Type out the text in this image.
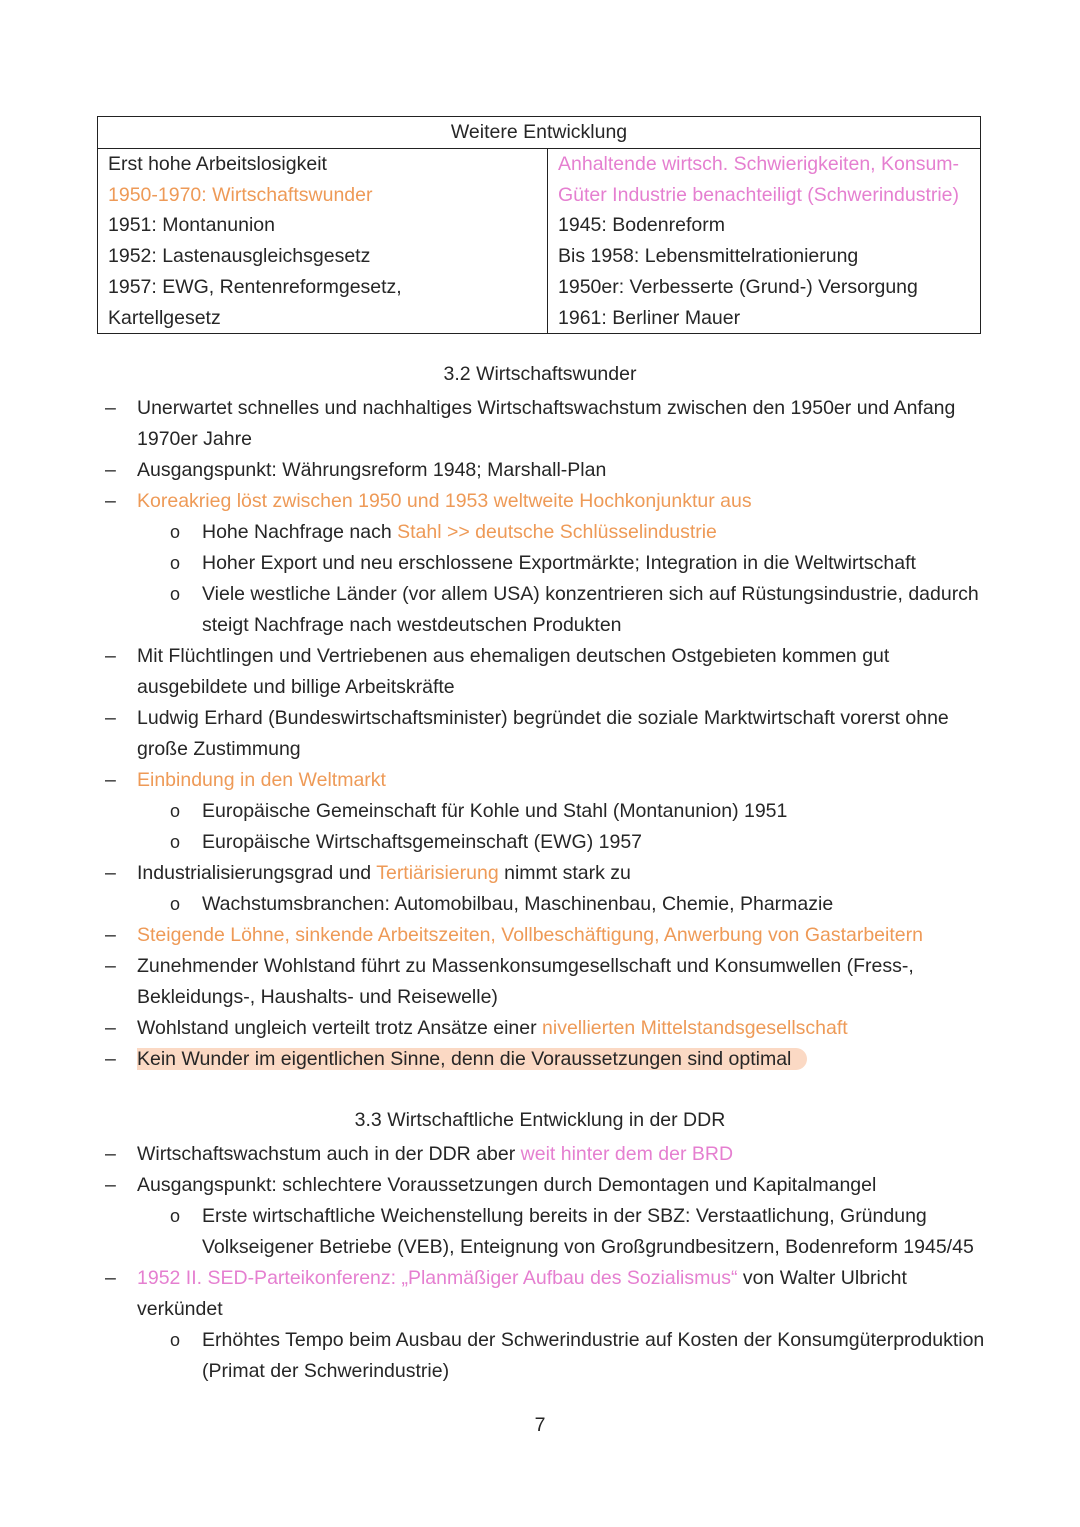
Weitere Entwicklung
Erst hohe Arbeitslosigkeit
1950-1970: Wirtschaftswunder
1951: Montanunion
1952: Lastenausgleichsgesetz
1957: EWG, Rentenreformgesetz,
Kartellgesetz
Anhaltende wirtsch. Schwierigkeiten, Konsum-
Güter Industrie benachteiligt (Schwerindustrie)
1945: Bodenreform
Bis 1958: Lebensmittelrationierung
1950er: Verbesserte (Grund-) Versorgung
1961: Berliner Mauer
3.2 Wirtschaftswunder
– Unerwartet schnelles und nachhaltiges Wirtschaftswachstum zwischen den 1950er und Anfang 1970er Jahre
– Ausgangspunkt: Währungsreform 1948; Marshall-Plan
– Koreakrieg löst zwischen 1950 und 1953 weltweite Hochkonjunktur aus
o Hohe Nachfrage nach Stahl >> deutsche Schlüsselindustrie
o Hoher Export und neu erschlossene Exportmärkte; Integration in die Weltwirtschaft
o Viele westliche Länder (vor allem USA) konzentrieren sich auf Rüstungsindustrie, dadurch steigt Nachfrage nach westdeutschen Produkten
– Mit Flüchtlingen und Vertriebenen aus ehemaligen deutschen Ostgebieten kommen gut ausgebildete und billige Arbeitskräfte
– Ludwig Erhard (Bundeswirtschaftsminister) begründet die soziale Marktwirtschaft vorerst ohne große Zustimmung
– Einbindung in den Weltmarkt
o Europäische Gemeinschaft für Kohle und Stahl (Montanunion) 1951
o Europäische Wirtschaftsgemeinschaft (EWG) 1957
– Industrialisierungsgrad und Tertiärisierung nimmt stark zu
o Wachstumsbranchen: Automobilbau, Maschinenbau, Chemie, Pharmazie
– Steigende Löhne, sinkende Arbeitszeiten, Vollbeschäftigung, Anwerbung von Gastarbeitern
– Zunehmender Wohlstand führt zu Massenkonsumgesellschaft und Konsumwellen (Fress-, Bekleidungs-, Haushalts- und Reisewelle)
– Wohlstand ungleich verteilt trotz Ansätze einer nivellierten Mittelstandsgesellschaft
– Kein Wunder im eigentlichen Sinne, denn die Voraussetzungen sind optimal
3.3 Wirtschaftliche Entwicklung in der DDR
– Wirtschaftswachstum auch in der DDR aber weit hinter dem der BRD
– Ausgangspunkt: schlechtere Voraussetzungen durch Demontagen und Kapitalmangel
o Erste wirtschaftliche Weichenstellung bereits in der SBZ: Verstaatlichung, Gründung Volkseigener Betriebe (VEB), Enteignung von Großgrundbesitzern, Bodenreform 1945/45
– 1952 II. SED-Parteikonferenz: „Planmäßiger Aufbau des Sozialismus“ von Walter Ulbricht verkündet
o Erhöhtes Tempo beim Ausbau der Schwerindustrie auf Kosten der Konsumgüterproduktion (Primat der Schwerindustrie)
7
